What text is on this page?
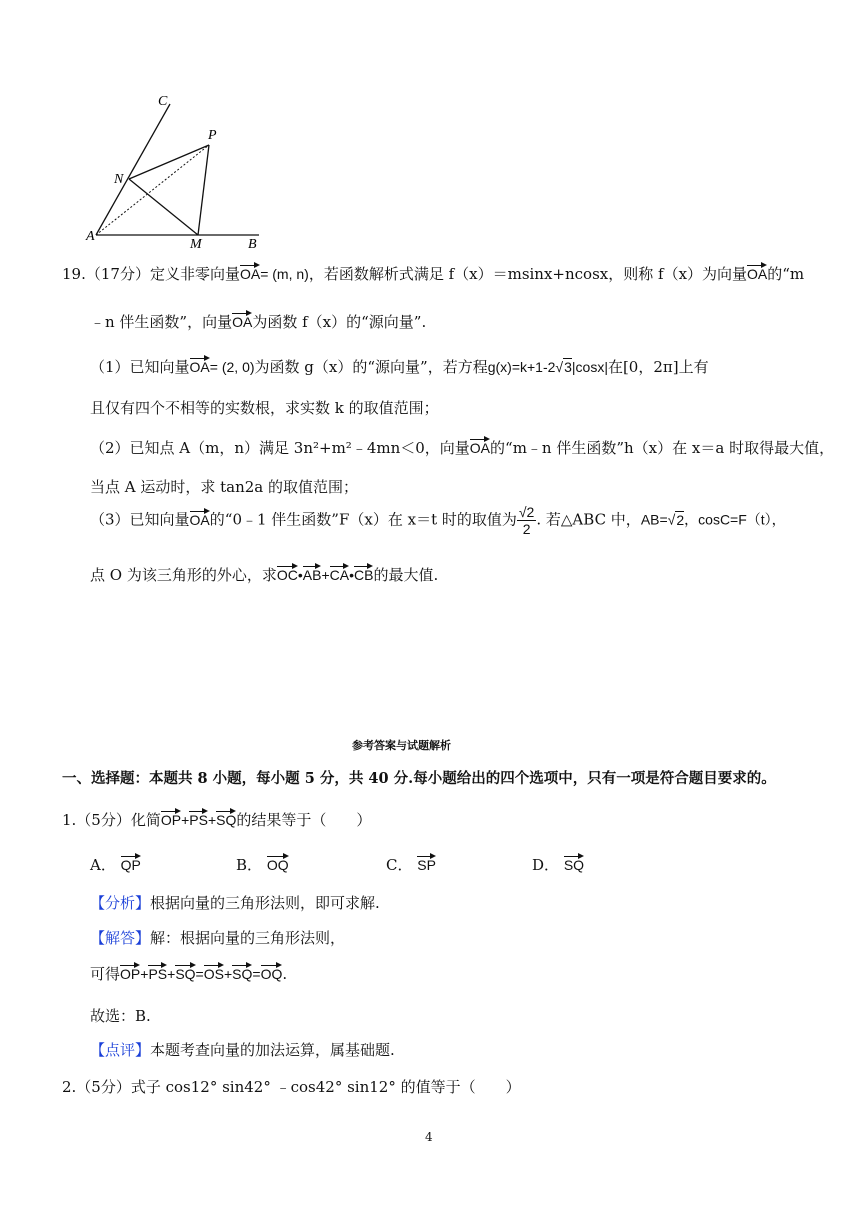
C
P
N
A
M	B
19.（17分）定义非零向量OA= (m, n)，若函数解析式满足 f（x）＝msinx+ncosx，则称 f（x）为向量OA的“m
﹣n 伴生函数”，向量OA为函数 f（x）的“源向量”.
（1）已知向量OA= (2, 0)为函数 g（x）的“源向量”，若方程g(x)=k+1-2√3|cosx|在[0，2π]上有
且仅有四个不相等的实数根，求实数 k 的取值范围；
（2）已知点 A（m，n）满足 3n²+m²﹣4mn＜0，向量OA的“m﹣n 伴生函数”h（x）在 x＝a 时取得最大值，
当点 A 运动时，求 tan2a 的取值范围；
（3）已知向量OA的“0﹣1 伴生函数”F（x）在 x＝t 时的取值为 $\frac{√2}{2}$ . 若△ABC 中，AB=√2，cosC=F（t），
点 O 为该三角形的外心，求OC•AB+CA•CB的最大值.
参考答案与试题解析
一、选择题：本题共 8 小题，每小题 5 分，共 40 分.每小题给出的四个选项中，只有一项是符合题目要求的。
1.（5分）化简OP+PS+SQ的结果等于（　　）
A． QP	B． OQ	C． SP	D． SQ
【分析】根据向量的三角形法则，即可求解.
【解答】解：根据向量的三角形法则，
可得OP+PS+SQ=OS+SQ=OQ.
故选：B.
【点评】本题考查向量的加法运算，属基础题.
2.（5分）式子 cos12° sin42° ﹣cos42° sin12° 的值等于（　　）
4
